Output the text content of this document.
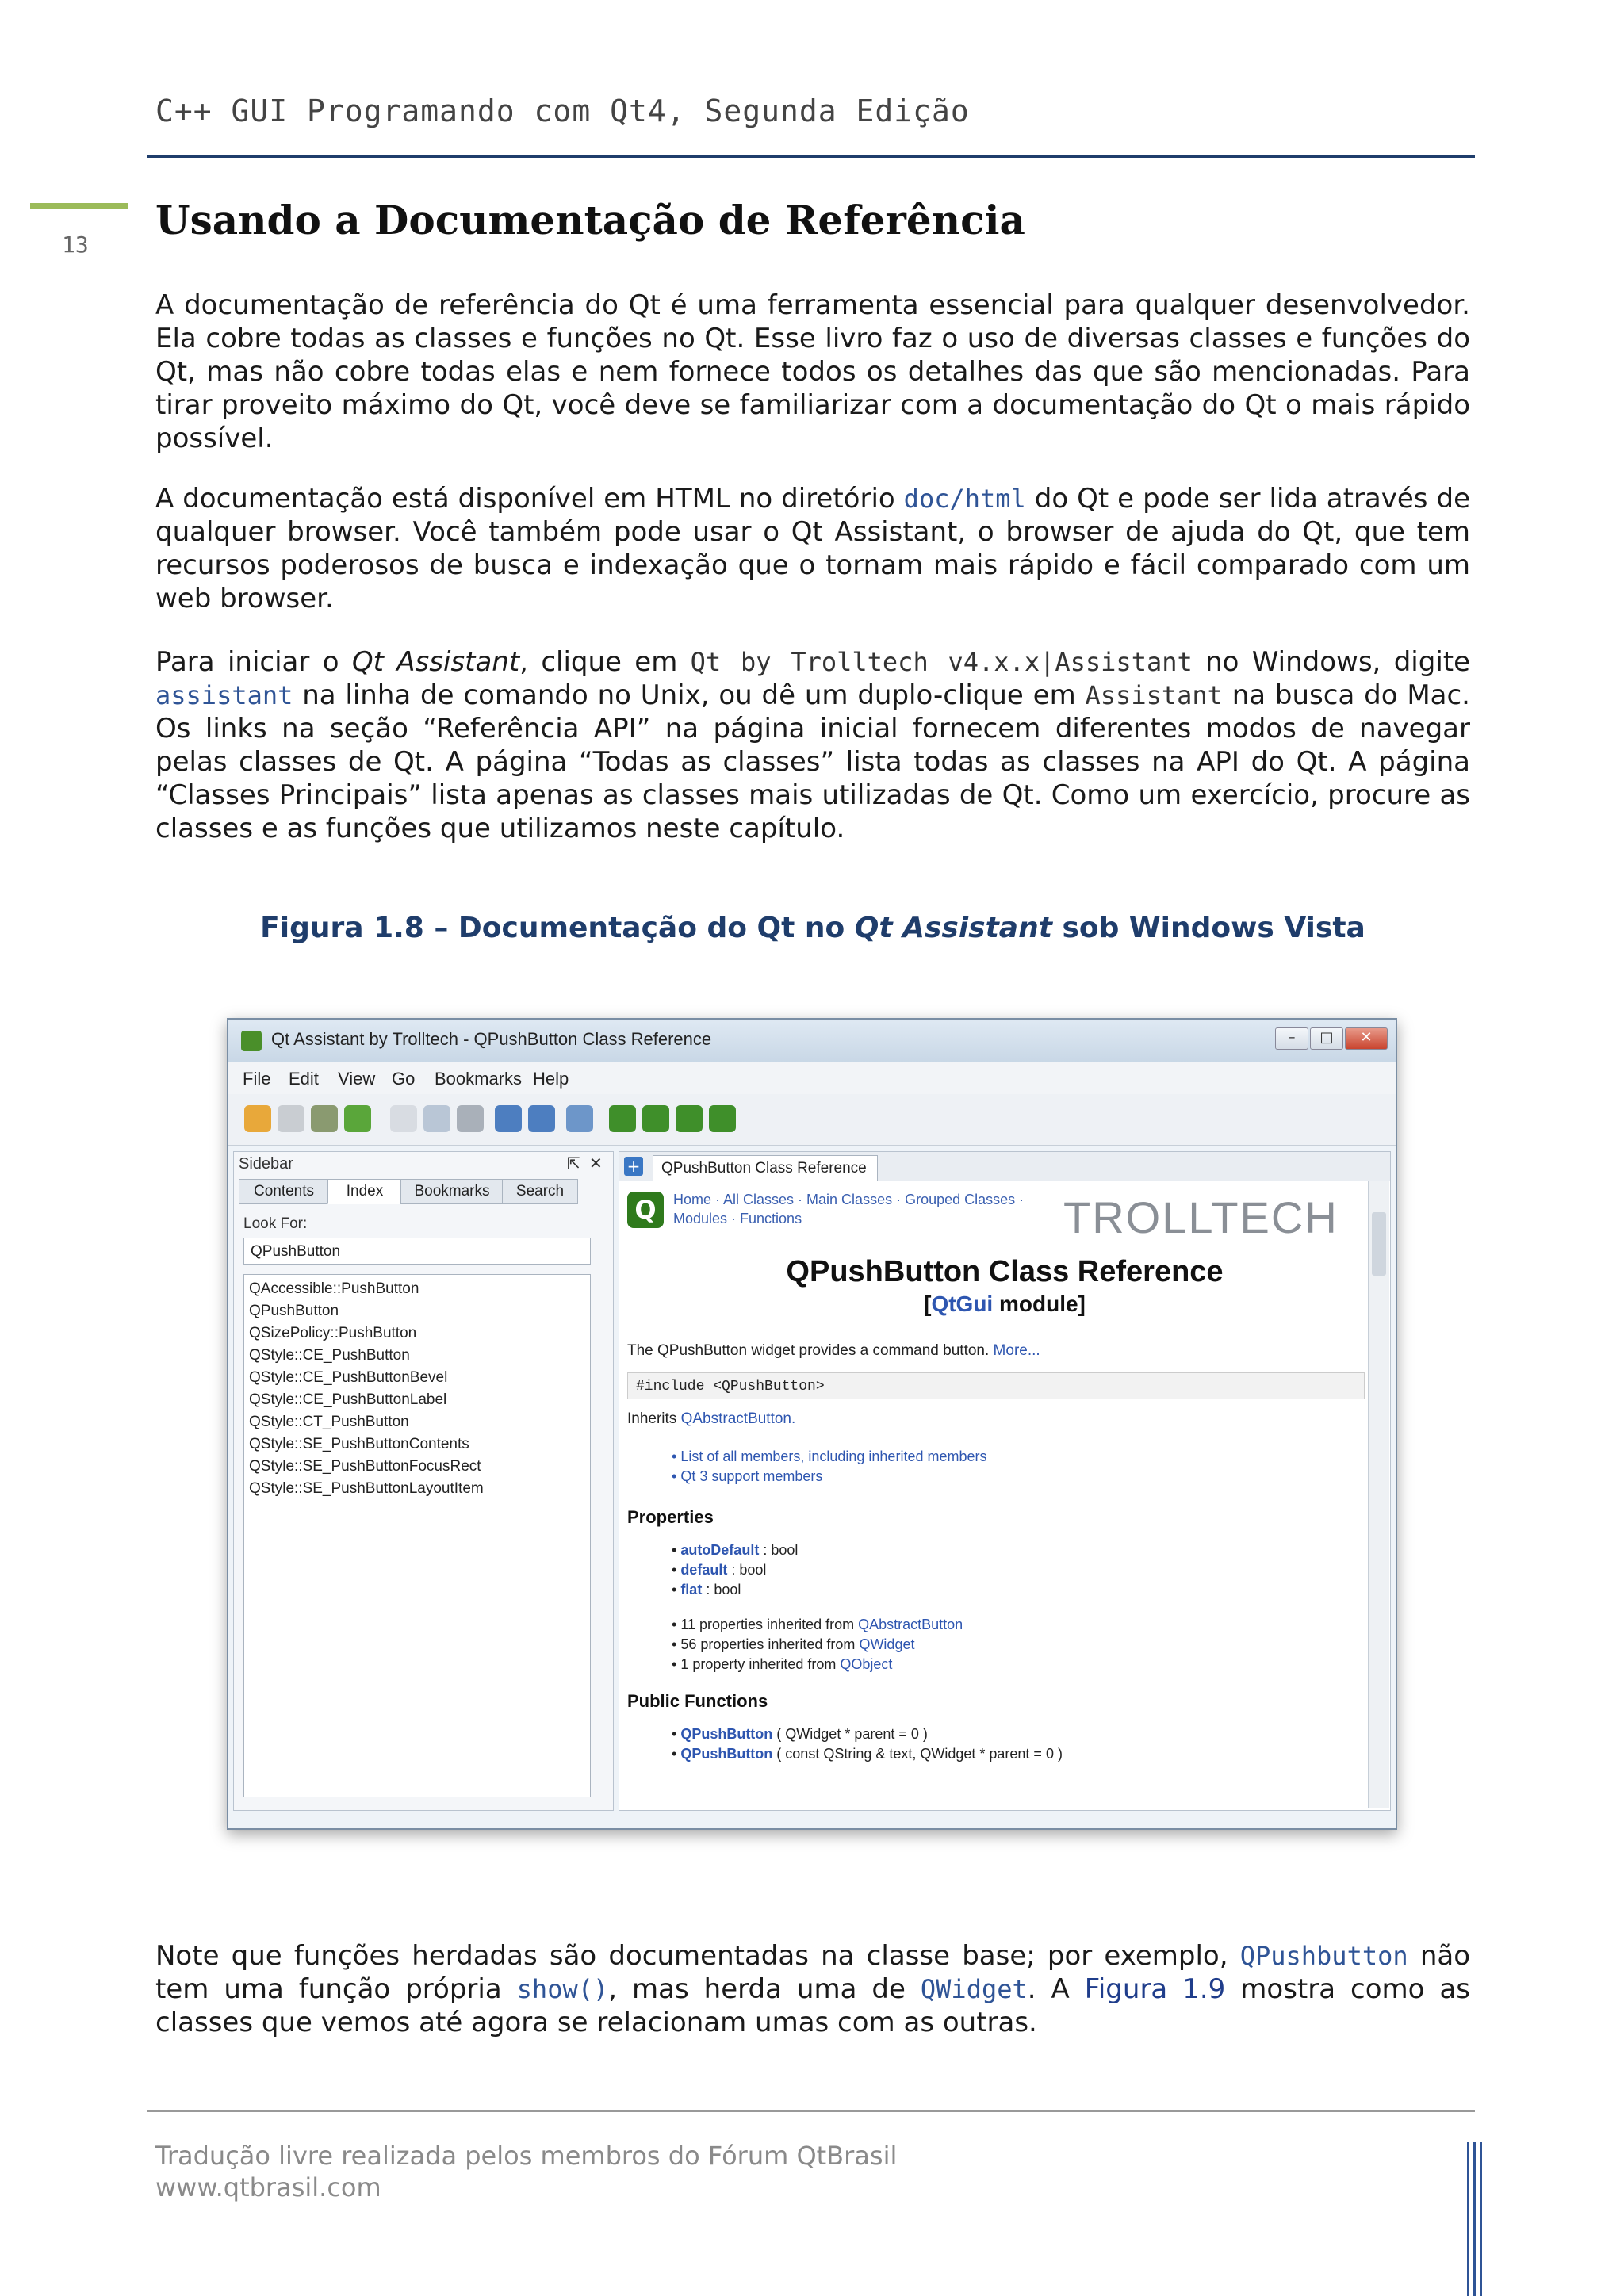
C++ GUI Programando com Qt4, Segunda Edição
13
Usando a Documentação de Referência
A documentação de referência do Qt é uma ferramenta essencial para qualquer desenvolvedor. Ela cobre todas as classes e funções no Qt. Esse livro faz o uso de diversas classes e funções do Qt, mas não cobre todas elas e nem fornece todos os detalhes das que são mencionadas. Para tirar proveito máximo do Qt, você deve se familiarizar com a documentação do Qt o mais rápido possível.
A documentação está disponível em HTML no diretório doc/html do Qt e pode ser lida através de qualquer browser. Você também pode usar o Qt Assistant, o browser de ajuda do Qt, que tem recursos poderosos de busca e indexação que o tornam mais rápido e fácil comparado com um web browser.
Para iniciar o Qt Assistant, clique em Qt by Trolltech v4.x.x|Assistant no Windows, digite assistant na linha de comando no Unix, ou dê um duplo-clique em Assistant na busca do Mac. Os links na seção “Referência API” na página inicial fornecem diferentes modos de navegar pelas classes de Qt. A página “Todas as classes” lista todas as classes na API do Qt. A página “Classes Principais” lista apenas as classes mais utilizadas de Qt. Como um exercício, procure as classes e as funções que utilizamos neste capítulo.
Figura 1.8 – Documentação do Qt no Qt Assistant sob Windows Vista
Qt Assistant by Trolltech - QPushButton Class Reference	–	□	✕
File Edit View Go Bookmarks Help
Sidebar	⇱ ✕
Contents	Index	Bookmarks	Search
Look For:
QPushButton
QAccessible::PushButton
QPushButton
QSizePolicy::PushButton
QStyle::CE_PushButton
QStyle::CE_PushButtonBevel
QStyle::CE_PushButtonLabel
QStyle::CT_PushButton
QStyle::SE_PushButtonContents
QStyle::SE_PushButtonFocusRect
QStyle::SE_PushButtonLayoutItem
+	QPushButton Class Reference
Q	Home · All Classes · Main Classes · Grouped Classes ·
Modules · Functions	TROLLTECH
QPushButton Class Reference
[QtGui module]
The QPushButton widget provides a command button. More...
#include <QPushButton>
Inherits QAbstractButton.
• List of all members, including inherited members
• Qt 3 support members
Properties
• autoDefault : bool
• default : bool
• flat : bool
• 11 properties inherited from QAbstractButton
• 56 properties inherited from QWidget
• 1 property inherited from QObject
Public Functions
• QPushButton ( QWidget * parent = 0 )
• QPushButton ( const QString & text, QWidget * parent = 0 )
Note que funções herdadas são documentadas na classe base; por exemplo, QPushbutton não tem uma função própria show(), mas herda uma de QWidget. A Figura 1.9 mostra como as classes que vemos até agora se relacionam umas com as outras.
Tradução livre realizada pelos membros do Fórum QtBrasil
www.qtbrasil.com
